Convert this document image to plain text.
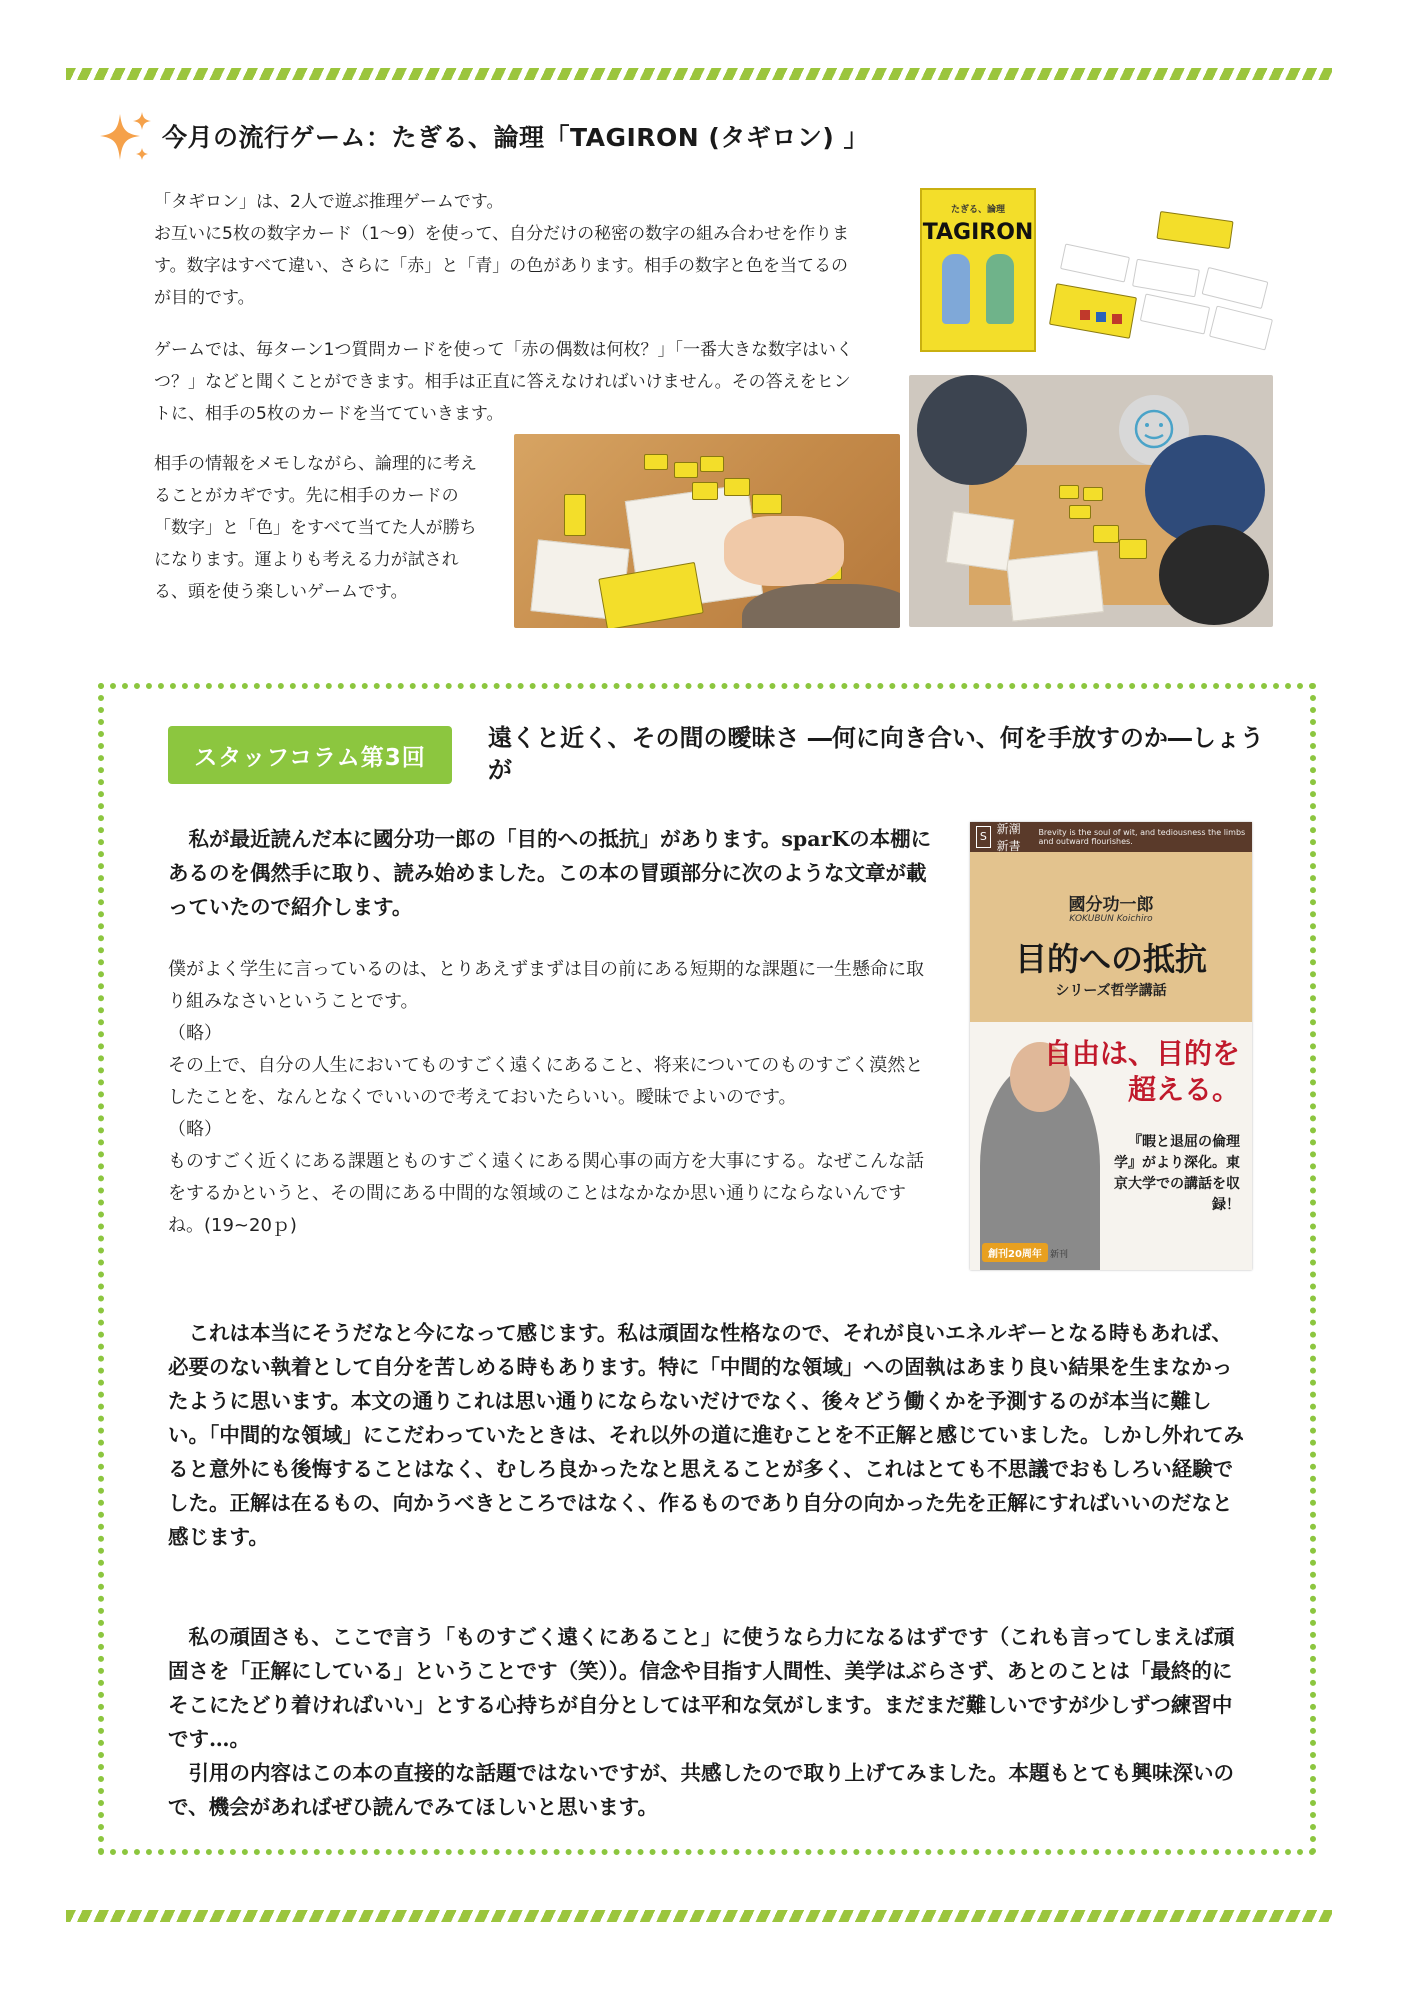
今月の流行ゲーム：たぎる、論理「TAGIRON (タギロン) 」

「タギロン」は、2人で遊ぶ推理ゲームです。
お互いに5枚の数字カード（1〜9）を使って、自分だけの秘密の数字の組み合わせを作ります。数字はすべて違い、さらに「赤」と「青」の色があります。相手の数字と色を当てるのが目的です。

ゲームでは、毎ターン1つ質問カードを使って「赤の偶数は何枚？」「一番大きな数字はいくつ？」などと聞くことができます。相手は正直に答えなければいけません。その答えをヒントに、相手の5枚のカードを当てていきます。

相手の情報をメモしながら、論理的に考えることがカギです。先に相手のカードの「数字」と「色」をすべて当てた人が勝ちになります。運よりも考える力が試される、頭を使う楽しいゲームです。

たぎる、論理
TAGIRON
スタッフコラム第3回

遠くと近く、その間の曖昧さ ―何に向き合い、何を手放すのか―しょうが

　私が最近読んだ本に國分功一郎の「目的への抵抗」があります。sparKの本棚にあるのを偶然手に取り、読み始めました。この本の冒頭部分に次のような文章が載っていたので紹介します。

僕がよく学生に言っているのは、とりあえずまずは目の前にある短期的な課題に一生懸命に取り組みなさいということです。
（略）
その上で、自分の人生においてものすごく遠くにあること、将来についてのものすごく漠然としたことを、なんとなくでいいので考えておいたらいい。曖昧でよいのです。
（略）
ものすごく近くにある課題とものすごく遠くにある関心事の両方を大事にする。なぜこんな話をするかというと、その間にある中間的な領域のことはなかなか思い通りにならないんですね。(19~20ｐ)

　これは本当にそうだなと今になって感じます。私は頑固な性格なので、それが良いエネルギーとなる時もあれば、必要のない執着として自分を苦しめる時もあります。特に「中間的な領域」への固執はあまり良い結果を生まなかったように思います。本文の通りこれは思い通りにならないだけでなく、後々どう働くかを予測するのが本当に難しい。「中間的な領域」にこだわっていたときは、それ以外の道に進むことを不正解と感じていました。しかし外れてみると意外にも後悔することはなく、むしろ良かったなと思えることが多く、これはとても不思議でおもしろい経験でした。正解は在るもの、向かうべきところではなく、作るものであり自分の向かった先を正解にすればいいのだなと感じます。

　私の頑固さも、ここで言う「ものすごく遠くにあること」に使うなら力になるはずです（これも言ってしまえば頑固さを「正解にしている」ということです（笑））。信念や目指す人間性、美学はぶらさず、あとのことは「最終的にそこにたどり着ければいい」とする心持ちが自分としては平和な気がします。まだまだ難しいですが少しずつ練習中です…。
　引用の内容はこの本の直接的な話題ではないですが、共感したので取り上げてみました。本題もとても興味深いので、機会があればぜひ読んでみてほしいと思います。

S
新潮新書
Brevity is the soul of wit, and tediousness the limbs and outward flourishes.
國分功一郎
KOKUBUN Koichiro
目的への抵抗
シリーズ哲学講話
自由は、目的を超える。
『暇と退屈の倫理学』がより深化。東京大学での講話を収録！
創刊20周年 新刊
